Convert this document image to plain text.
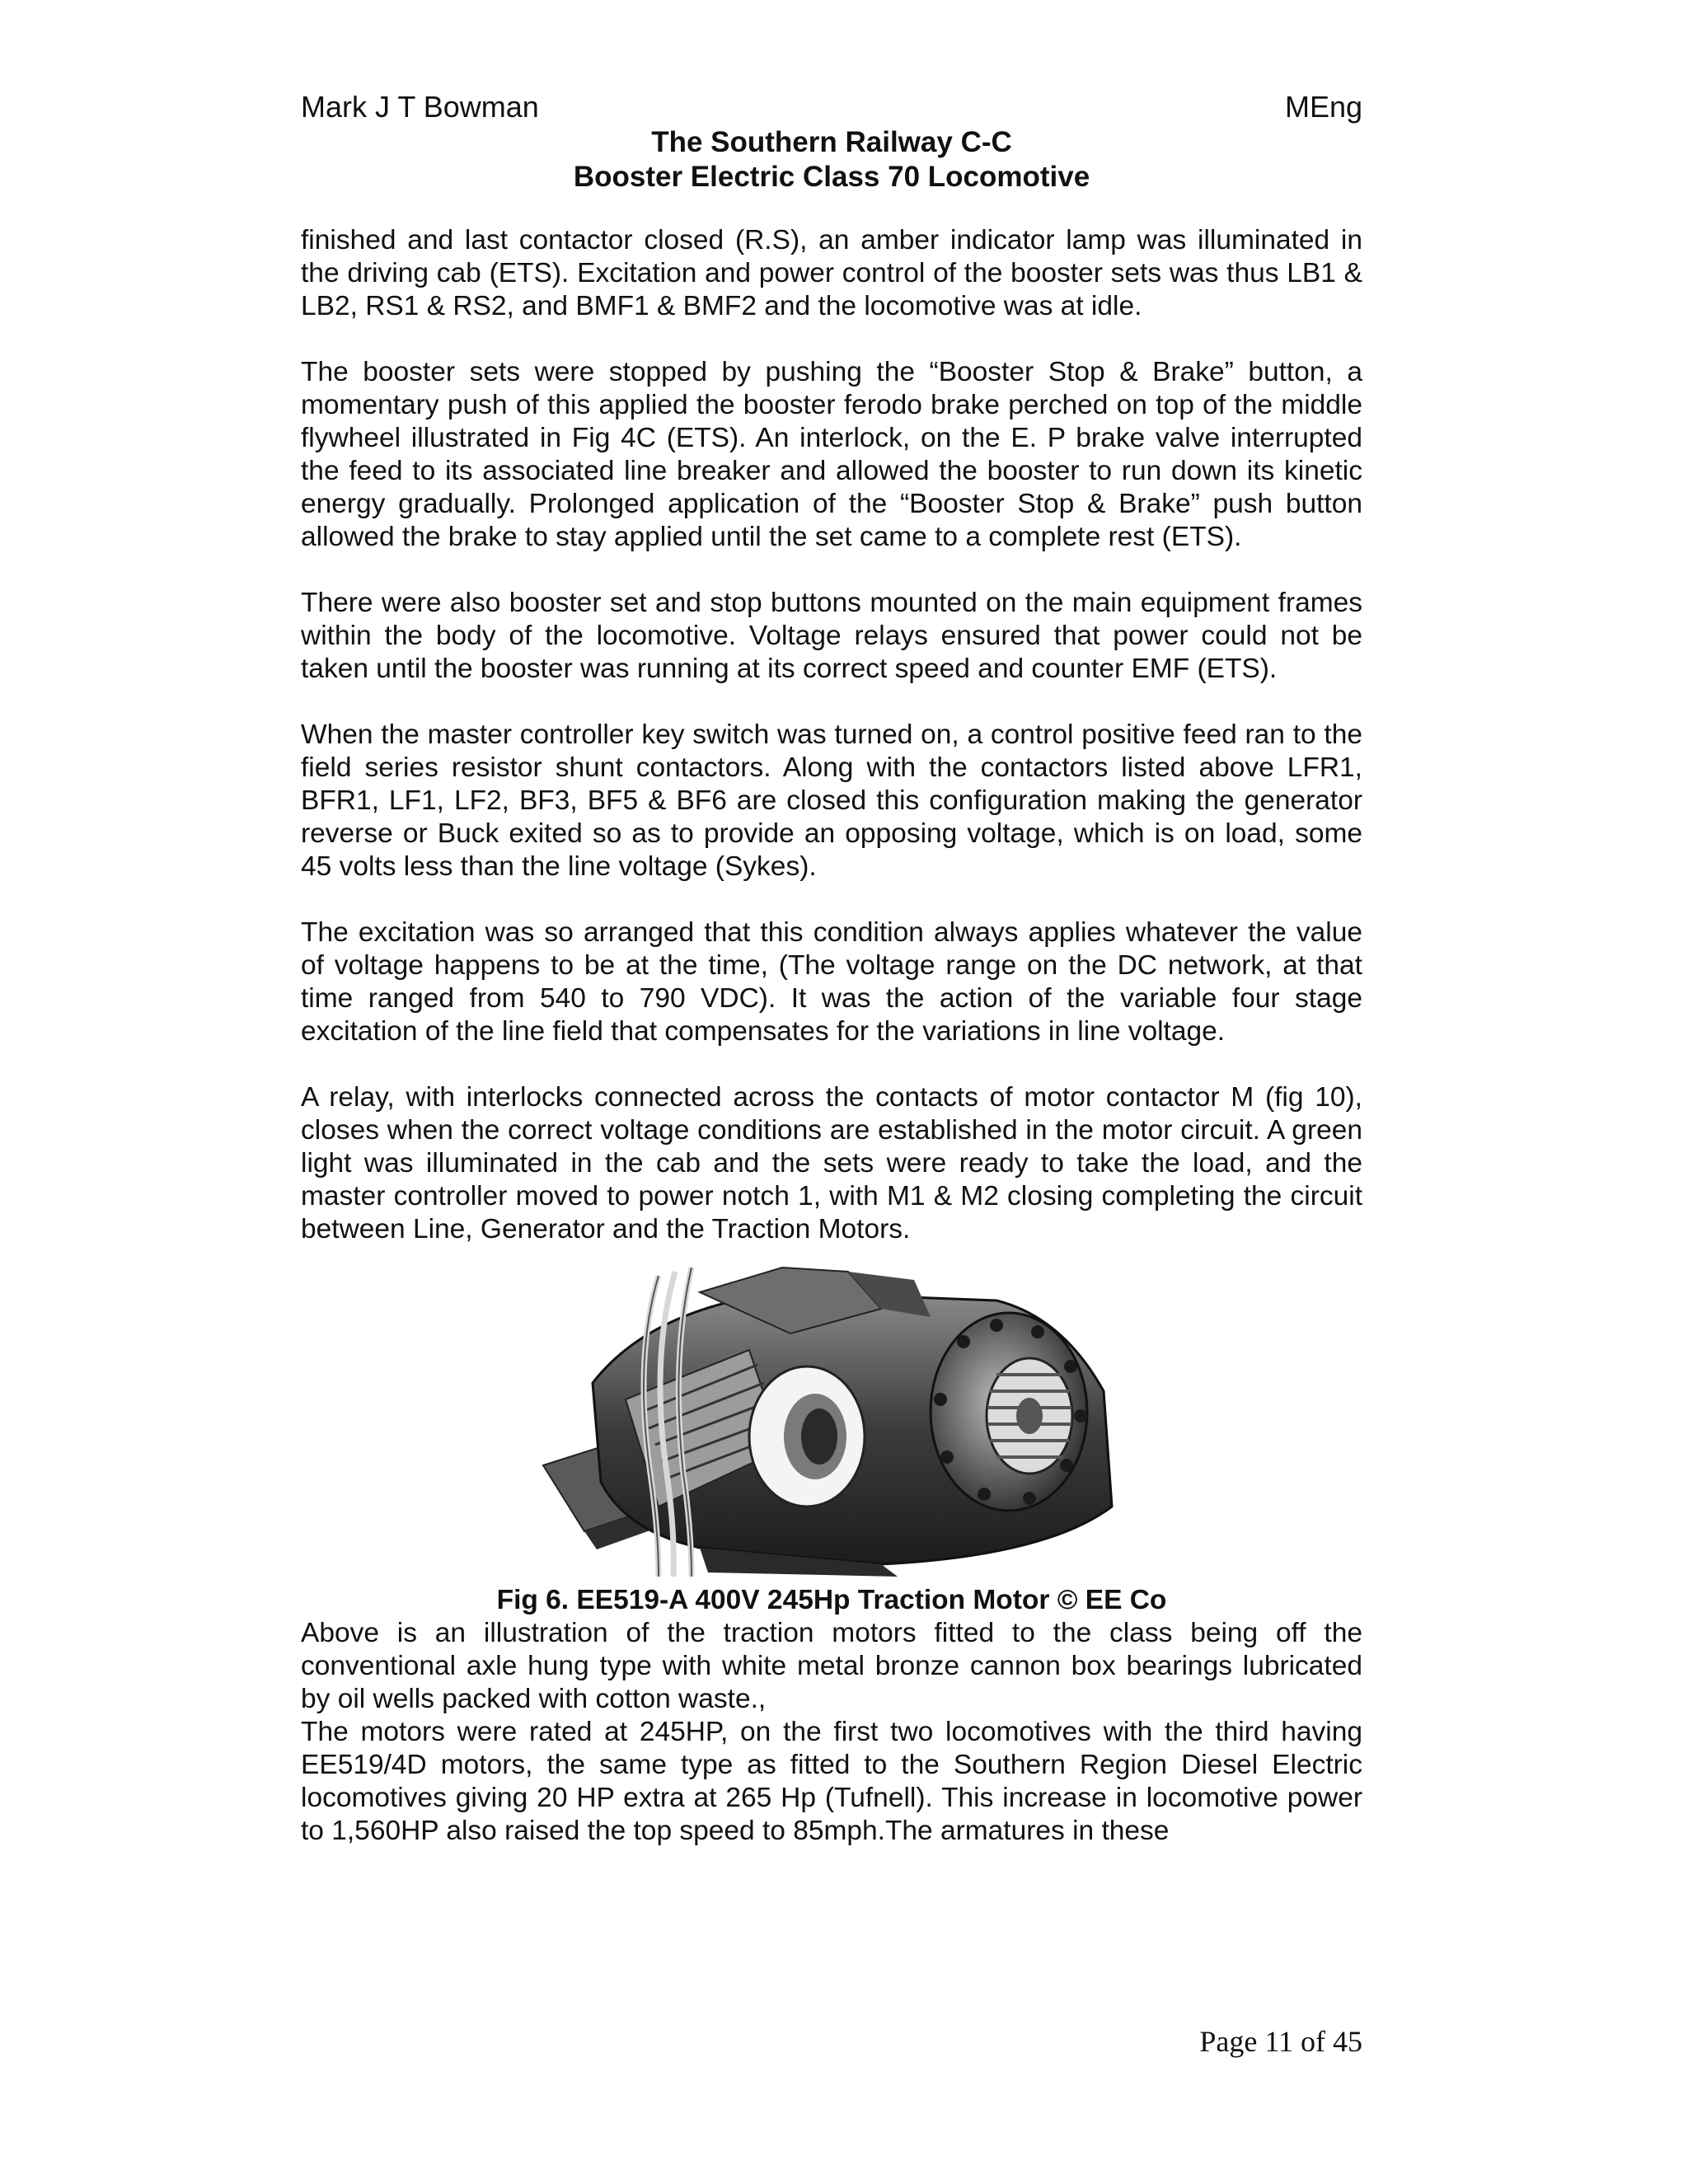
Mark J T Bowman	MEng
The Southern Railway C-C
Booster Electric Class 70 Locomotive

finished and last contactor closed (R.S), an amber indicator lamp was illuminated in the driving cab (ETS). Excitation and power control of the booster sets was thus LB1 & LB2, RS1 & RS2, and BMF1 & BMF2 and the locomotive was at idle.

The booster sets were stopped by pushing the “Booster Stop & Brake” button, a momentary push of this applied the booster ferodo brake perched on top of the middle flywheel illustrated in Fig 4C (ETS). An interlock, on the E. P brake valve interrupted the feed to its associated line breaker and allowed the booster to run down its kinetic energy gradually. Prolonged application of the “Booster Stop & Brake” push button allowed the brake to stay applied until the set came to a complete rest (ETS).

There were also booster set and stop buttons mounted on the main equipment frames within the body of the locomotive. Voltage relays ensured that power could not be taken until the booster was running at its correct speed and counter EMF (ETS).

When the master controller key switch was turned on, a control positive feed ran to the field series resistor shunt contactors. Along with the contactors listed above LFR1, BFR1, LF1, LF2, BF3, BF5 & BF6 are closed this configuration making the generator reverse or Buck exited so as to provide an opposing voltage, which is on load, some 45 volts less than the line voltage (Sykes).

The excitation was so arranged that this condition always applies whatever the value of voltage happens to be at the time, (The voltage range on the DC network, at that time ranged from 540 to 790 VDC). It was the action of the variable four stage excitation of the line field that compensates for the variations in line voltage.

A relay, with interlocks connected across the contacts of motor contactor M (fig 10), closes when the correct voltage conditions are established in the motor circuit. A green light was illuminated in the cab and the sets were ready to take the load, and the master controller moved to power notch 1, with M1 & M2 closing completing the circuit between Line, Generator and the Traction Motors.

Fig 6. EE519-A 400V 245Hp Traction Motor © EE Co

Above is an illustration of the traction motors fitted to the class being off the conventional axle hung type with white metal bronze cannon box bearings lubricated by oil wells packed with cotton waste.,

The motors were rated at 245HP, on the first two locomotives with the third having EE519/4D motors, the same type as fitted to the Southern Region Diesel Electric locomotives giving 20 HP extra at 265 Hp (Tufnell). This increase in locomotive power to 1,560HP also raised the top speed to 85mph.The armatures in these

Page 11 of 45
